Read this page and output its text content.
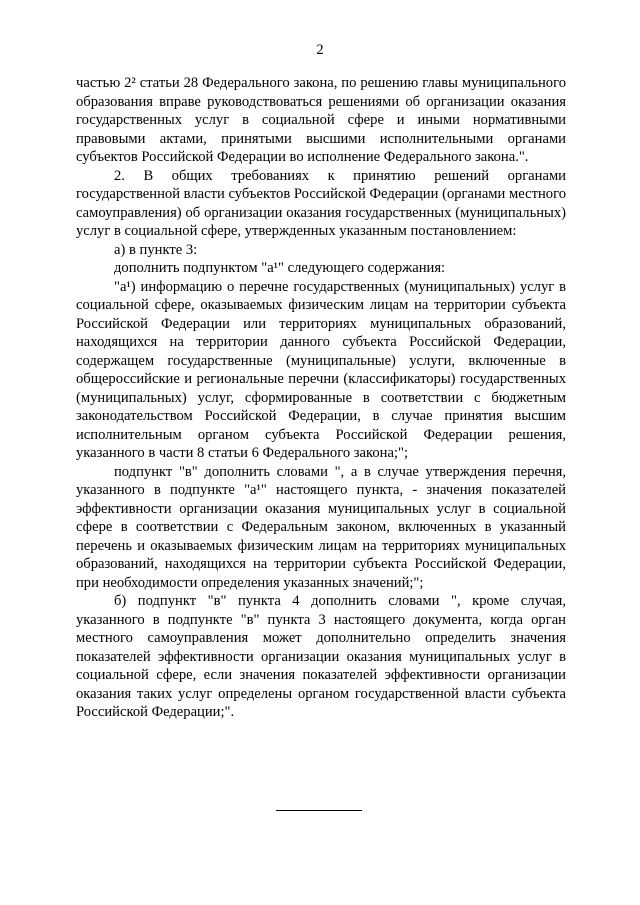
2

частью 2² статьи 28 Федерального закона, по решению главы муниципального образования вправе руководствоваться решениями об организации оказания государственных услуг в социальной сфере и иными нормативными правовыми актами, принятыми высшими исполнительными органами субъектов Российской Федерации во исполнение Федерального закона.".

2. В общих требованиях к принятию решений органами государственной власти субъектов Российской Федерации (органами местного самоуправления) об организации оказания государственных (муниципальных) услуг в социальной сфере, утвержденных указанным постановлением:

а) в пункте 3:

дополнить подпунктом "а¹" следующего содержания:

"а¹) информацию о перечне государственных (муниципальных) услуг в социальной сфере, оказываемых физическим лицам на территории субъекта Российской Федерации или территориях муниципальных образований, находящихся на территории данного субъекта Российской Федерации, содержащем государственные (муниципальные) услуги, включенные в общероссийские и региональные перечни (классификаторы) государственных (муниципальных) услуг, сформированные в соответствии с бюджетным законодательством Российской Федерации, в случае принятия высшим исполнительным органом субъекта Российской Федерации решения, указанного в части 8 статьи 6 Федерального закона;";

подпункт "в" дополнить словами ", а в случае утверждения перечня, указанного в подпункте "а¹" настоящего пункта, - значения показателей эффективности организации оказания муниципальных услуг в социальной сфере в соответствии с Федеральным законом, включенных в указанный перечень и оказываемых физическим лицам на территориях муниципальных образований, находящихся на территории субъекта Российской Федерации, при необходимости определения указанных значений;";

б) подпункт "в" пункта 4 дополнить словами ", кроме случая, указанного в подпункте "в" пункта 3 настоящего документа, когда орган местного самоуправления может дополнительно определить значения показателей эффективности организации оказания муниципальных услуг в социальной сфере, если значения показателей эффективности организации оказания таких услуг определены органом государственной власти субъекта Российской Федерации;".
